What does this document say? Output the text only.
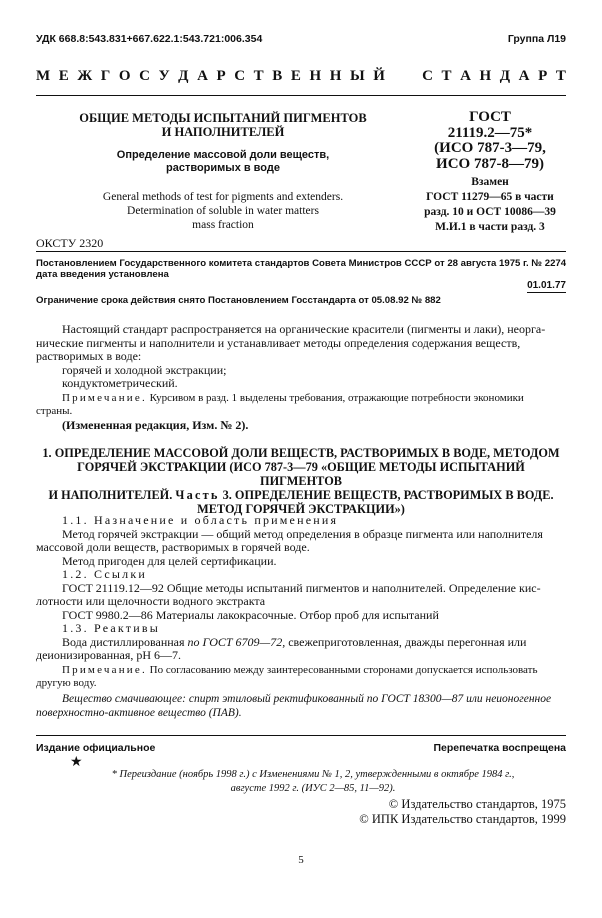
УДК 668.8:543.831+667.622.1:543.721:006.354	Группа Л19
М Е Ж Г О С У Д А Р С Т В Е Н Н Ы Й С Т А Н Д А Р Т
ОБЩИЕ МЕТОДЫ ИСПЫТАНИЙ ПИГМЕНТОВ
И НАПОЛНИТЕЛЕЙ
Определение массовой доли веществ,
растворимых в воде
General methods of test for pigments and extenders.
Determination of soluble in water matters
mass fraction
ОКСТУ 2320
ГОСТ
21119.2—75*
(ИСО 787-3—79,
ИСО 787-8—79)
Взамен
ГОСТ 11279—65 в части
разд. 10 и ОСТ 10086—39
М.И.1 в части разд. 3
Постановлением Государственного комитета стандартов Совета Министров СССР от 28 августа 1975 г. № 2274
дата введения установлена
01.01.77
Ограничение срока действия снято Постановлением Госстандарта от 05.08.92 № 882
Настоящий стандарт распространяется на органические красители (пигменты и лаки), неорга-
нические пигменты и наполнители и устанавливает методы определения содержания веществ,
растворимых в воде:
горячей и холодной экстракции;
кондуктометрический.
Примечание. Курсивом в разд. 1 выделены требования, отражающие потребности экономики
страны.
(Измененная редакция, Изм. № 2).
1. ОПРЕДЕЛЕНИЕ МАССОВОЙ ДОЛИ ВЕЩЕСТВ, РАСТВОРИМЫХ В ВОДЕ, МЕТОДОМ
ГОРЯЧЕЙ ЭКСТРАКЦИИ (ИСО 787-3—79 «ОБЩИЕ МЕТОДЫ ИСПЫТАНИЙ ПИГМЕНТОВ
И НАПОЛНИТЕЛЕЙ. Часть 3. ОПРЕДЕЛЕНИЕ ВЕЩЕСТВ, РАСТВОРИМЫХ В ВОДЕ.
МЕТОД ГОРЯЧЕЙ ЭКСТРАКЦИИ»)
1.1. Назначение и область применения
Метод горячей экстракции — общий метод определения в образце пигмента или наполнителя
массовой доли веществ, растворимых в горячей воде.
Метод пригоден для целей сертификации.
1.2. Ссылки
ГОСТ 21119.12—92 Общие методы испытаний пигментов и наполнителей. Определение кис-
лотности или щелочности водного экстракта
ГОСТ 9980.2—86 Материалы лакокрасочные. Отбор проб для испытаний
1.3. Реактивы
Вода дистиллированная по ГОСТ 6709—72, свежеприготовленная, дважды перегонная или
деионизированная, pH 6—7.
Примечание. По согласованию между заинтересованными сторонами допускается использовать
другую воду.
Вещество смачивающее: спирт этиловый ректификованный по ГОСТ 18300—87 или неионогенное
поверхностно-активное вещество (ПАВ).
Издание официальное	Перепечатка воспрещена
★
* Переиздание (ноябрь 1998 г.) с Изменениями № 1, 2, утвержденными в октябре 1984 г.,
августе 1992 г. (ИУС 2—85, 11—92).
© Издательство стандартов, 1975
© ИПК Издательство стандартов, 1999
5
